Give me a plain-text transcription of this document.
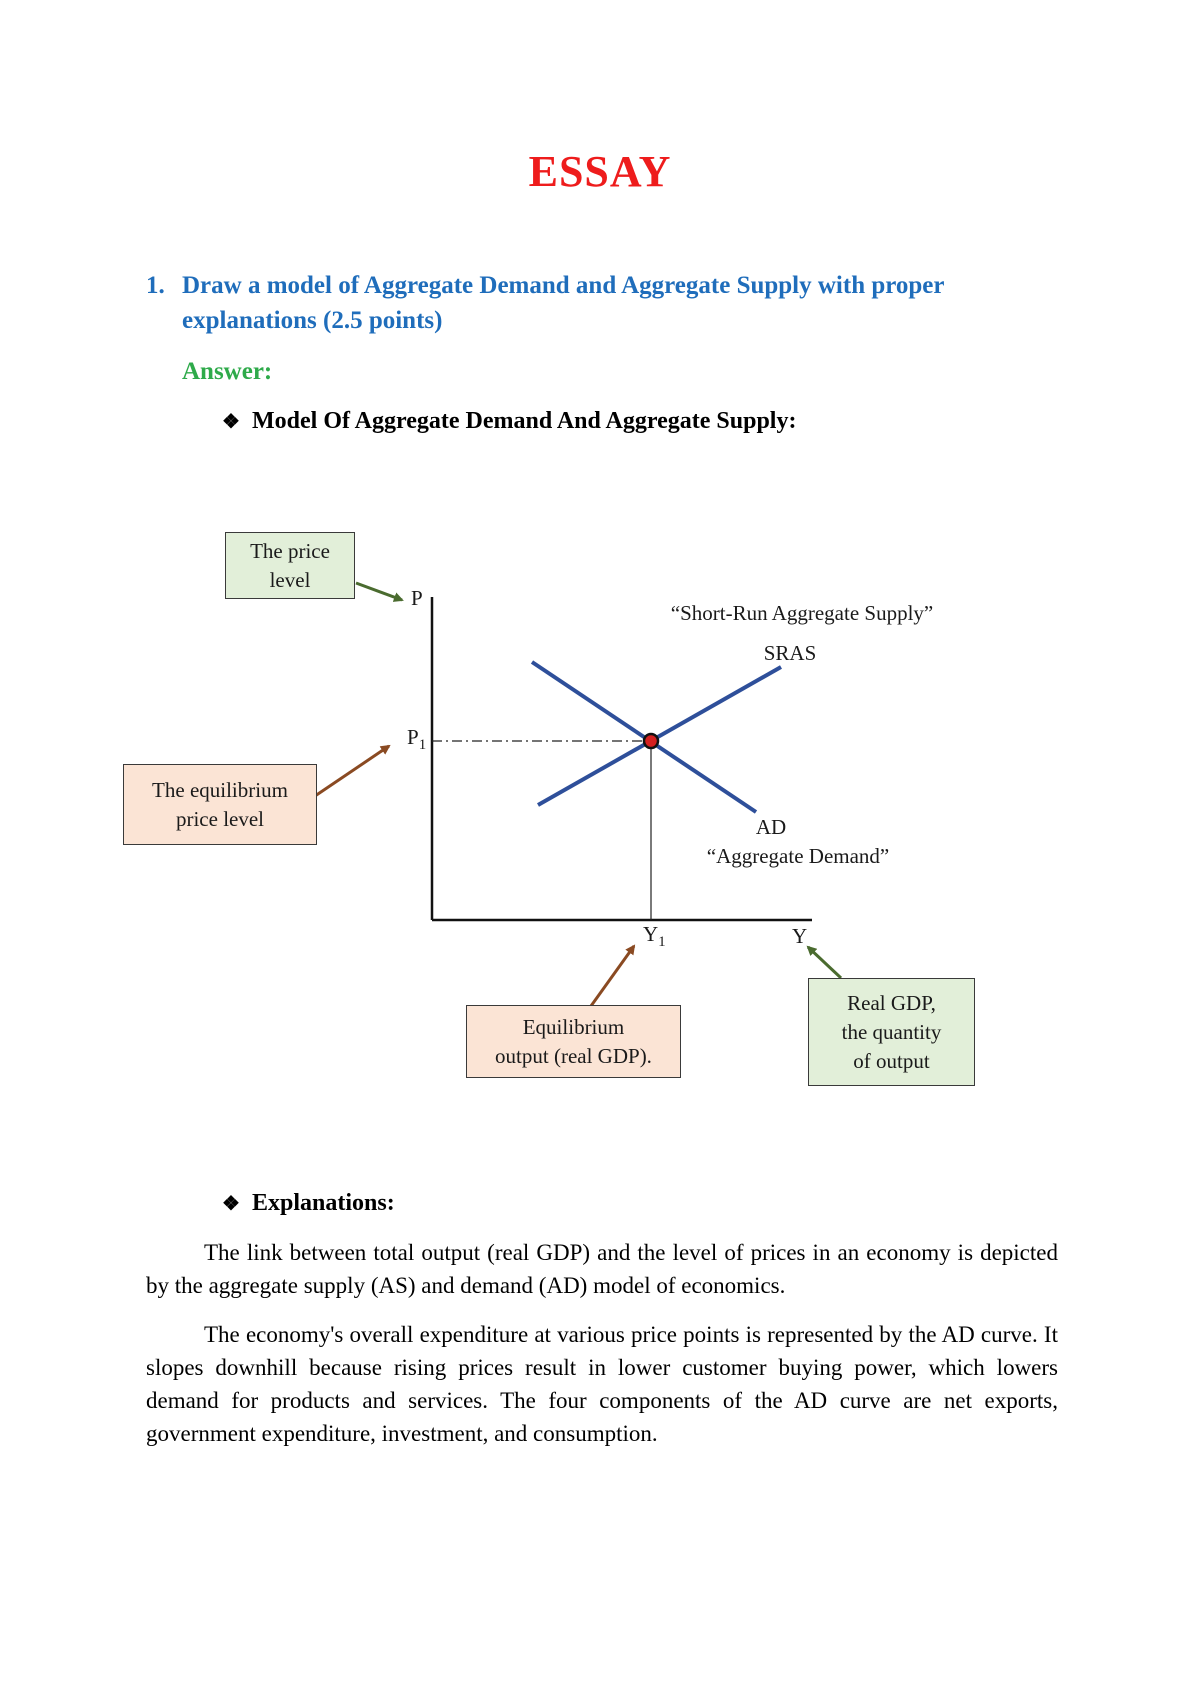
ESSAY
1. Draw a model of Aggregate Demand and Aggregate Supply with proper explanations (2.5 points)
Answer:
❖ Model Of Aggregate Demand And Aggregate Supply:
P
$P_1$
$Y_1$	Y
“Short-Run Aggregate Supply”
SRAS
AD
“Aggregate Demand”
The price
level
The equilibrium
price level
Equilibrium
output (real GDP).
Real GDP,
the quantity
of output
❖ Explanations:
The link between total output (real GDP) and the level of prices in an economy is depicted by the aggregate supply (AS) and demand (AD) model of economics.
The economy's overall expenditure at various price points is represented by the AD curve. It slopes downhill because rising prices result in lower customer buying power, which lowers demand for products and services. The four components of the AD curve are net exports, government expenditure, investment, and consumption.
